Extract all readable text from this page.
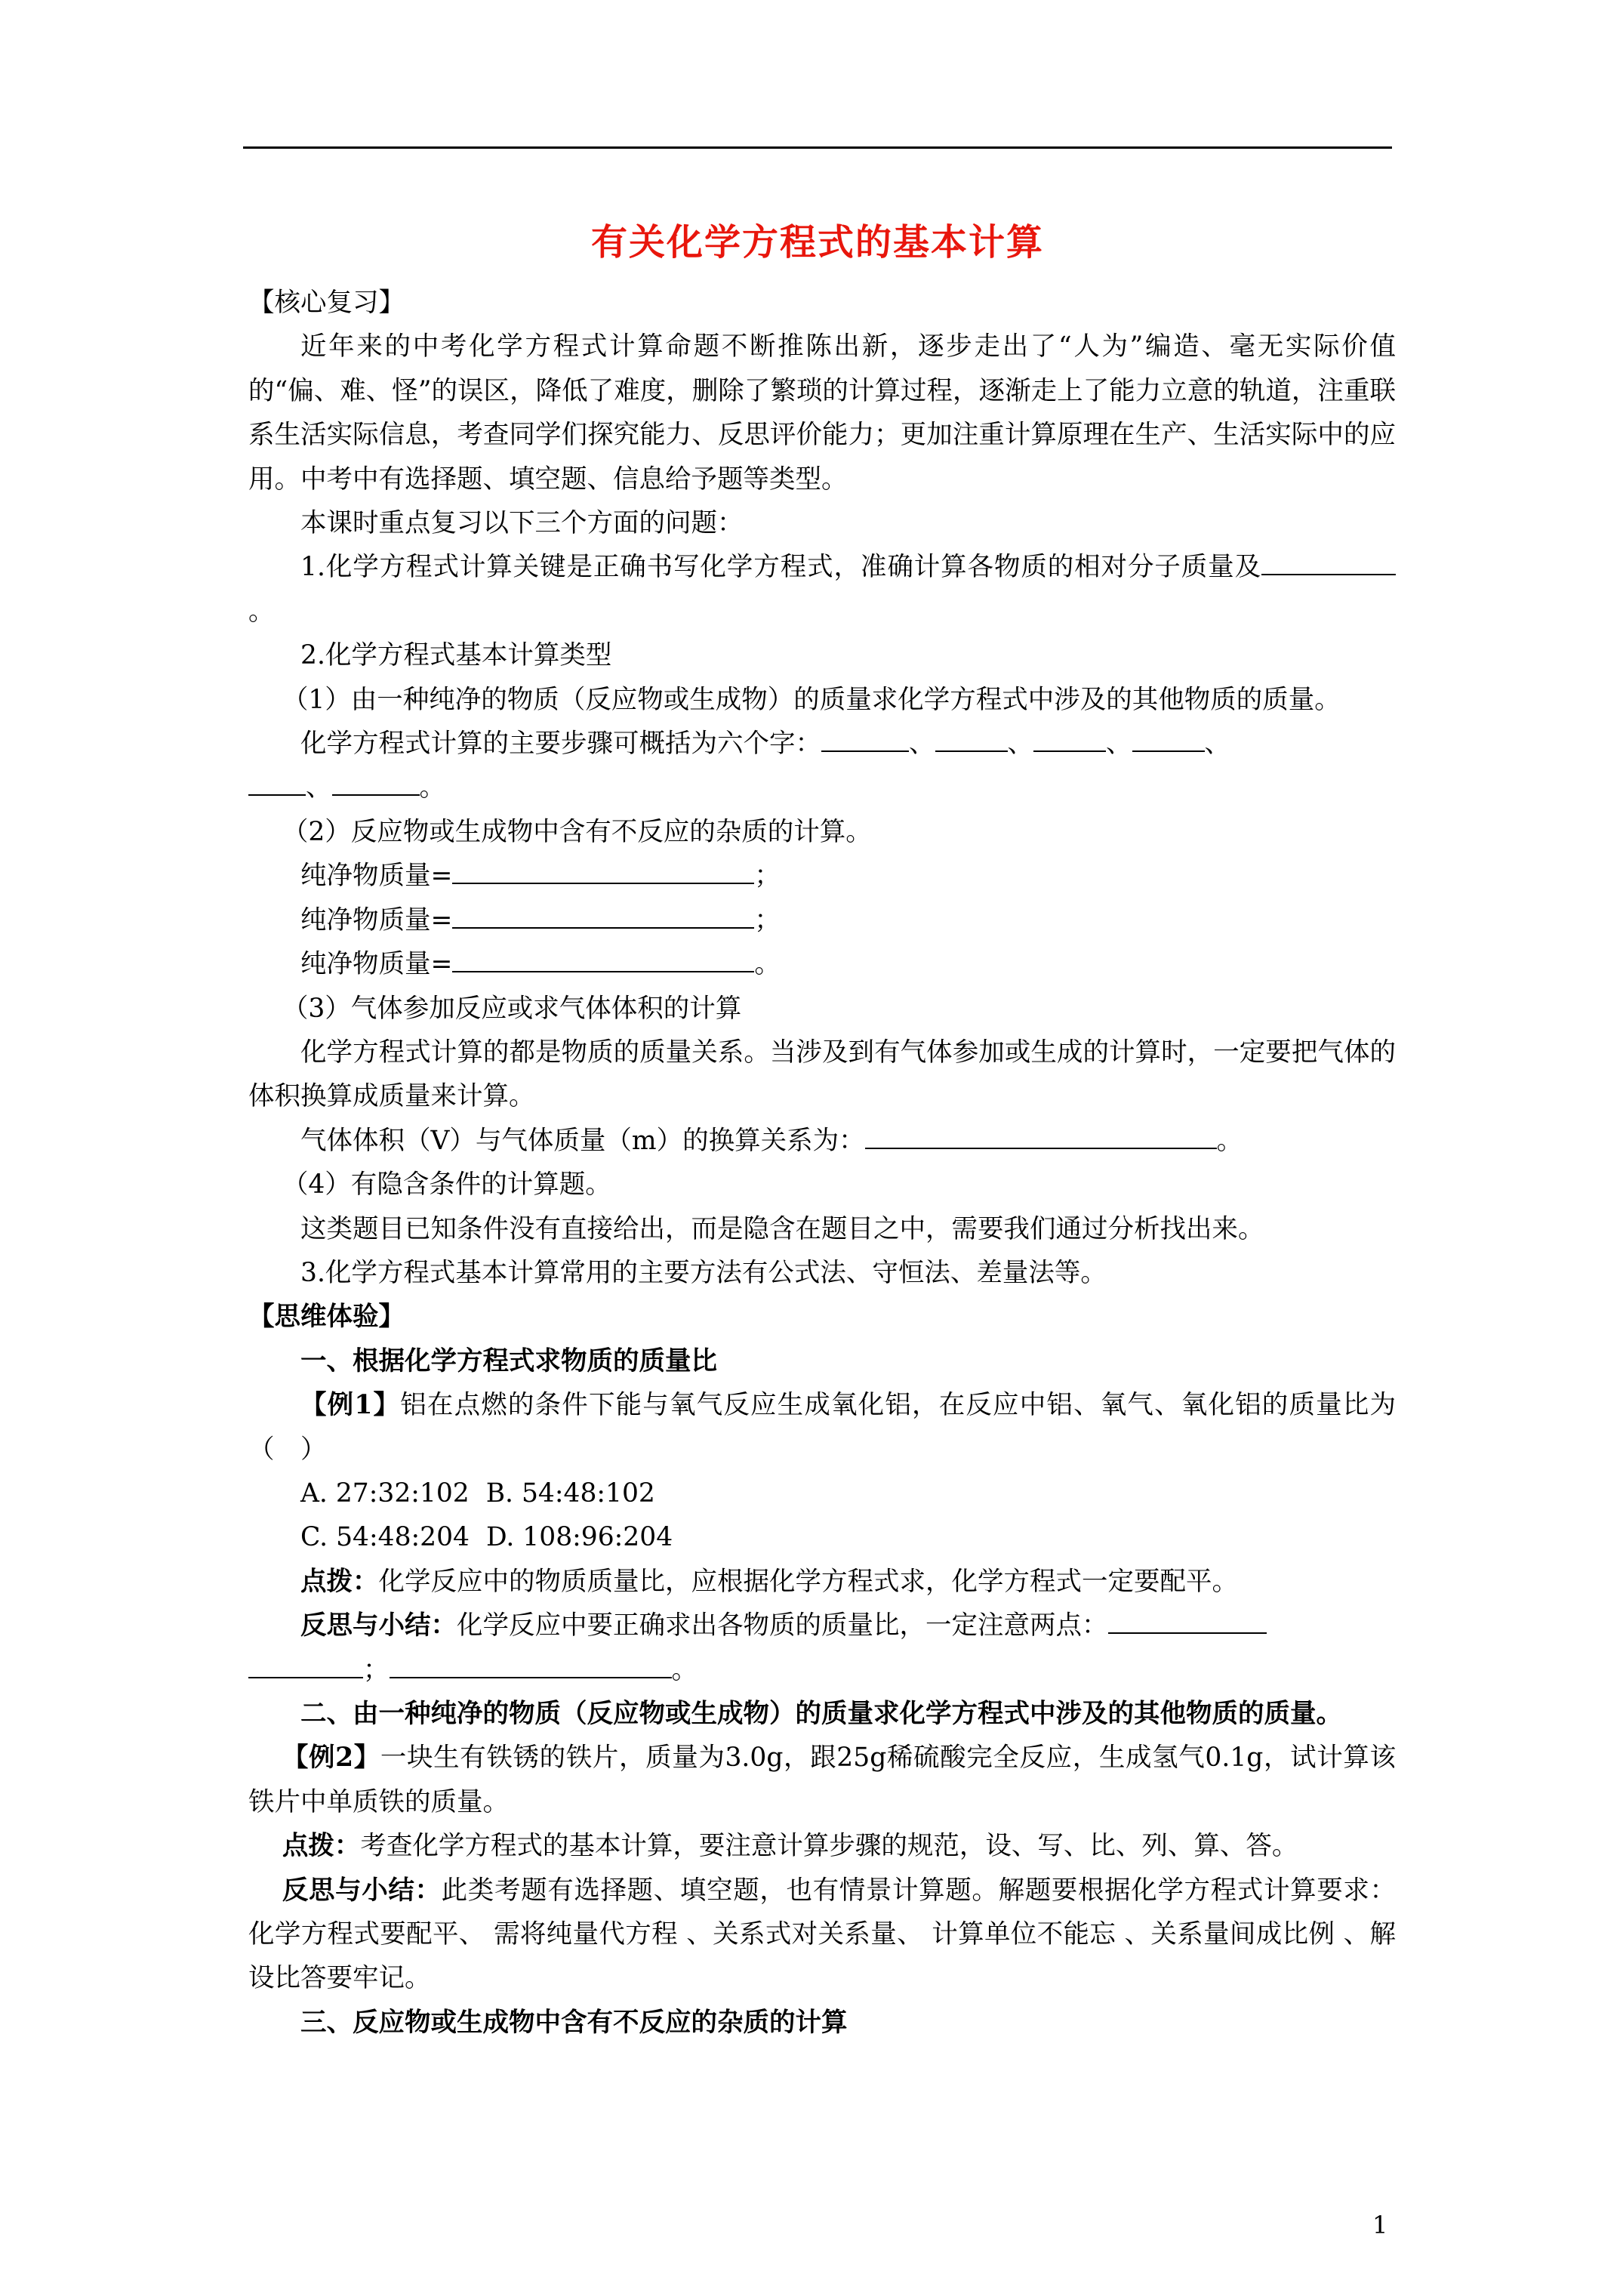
有关化学方程式的基本计算

【核心复习】

近年来的中考化学方程式计算命题不断推陈出新，逐步走出了“人为”编造、毫无实际价值的“偏、难、怪”的误区，降低了难度，删除了繁琐的计算过程，逐渐走上了能力立意的轨道，注重联系生活实际信息，考查同学们探究能力、反思评价能力；更加注重计算原理在生产、生活实际中的应用。中考中有选择题、填空题、信息给予题等类型。

本课时重点复习以下三个方面的问题：

1.化学方程式计算关键是正确书写化学方程式，准确计算各物质的相对分子质量及。

2.化学方程式基本计算类型

（1）由一种纯净的物质（反应物或生成物）的质量求化学方程式中涉及的其他物质的质量。

化学方程式计算的主要步骤可概括为六个字：	、	、	、	、

、	。

（2）反应物或生成物中含有不反应的杂质的计算。

纯净物质量=	；

纯净物质量=	；

纯净物质量=	。

（3）气体参加反应或求气体体积的计算

化学方程式计算的都是物质的质量关系。当涉及到有气体参加或生成的计算时，一定要把气体的体积换算成质量来计算。

气体体积（V）与气体质量（m）的换算关系为：	。

（4）有隐含条件的计算题。

这类题目已知条件没有直接给出，而是隐含在题目之中，需要我们通过分析找出来。

3.化学方程式基本计算常用的主要方法有公式法、守恒法、差量法等。

【思维体验】

一、根据化学方程式求物质的质量比

【例1】铝在点燃的条件下能与氧气反应生成氧化铝，在反应中铝、氧气、氧化铝的质量比为（　）

A. 27:32:102 B. 54:48:102

C. 54:48:204 D. 108:96:204

点拨：化学反应中的物质质量比，应根据化学方程式求，化学方程式一定要配平。

反思与小结：化学反应中要正确求出各物质的质量比，一定注意两点：

；	。

二、由一种纯净的物质（反应物或生成物）的质量求化学方程式中涉及的其他物质的质量。

【例2】一块生有铁锈的铁片，质量为3.0g，跟25g稀硫酸完全反应，生成氢气0.1g，试计算该铁片中单质铁的质量。

点拨：考查化学方程式的基本计算，要注意计算步骤的规范，设、写、比、列、算、答。

反思与小结：此类考题有选择题、填空题，也有情景计算题。解题要根据化学方程式计算要求：化学方程式要配平、 需将纯量代方程 、关系式对关系量、 计算单位不能忘 、关系量间成比例 、解设比答要牢记。

三、反应物或生成物中含有不反应的杂质的计算

1
